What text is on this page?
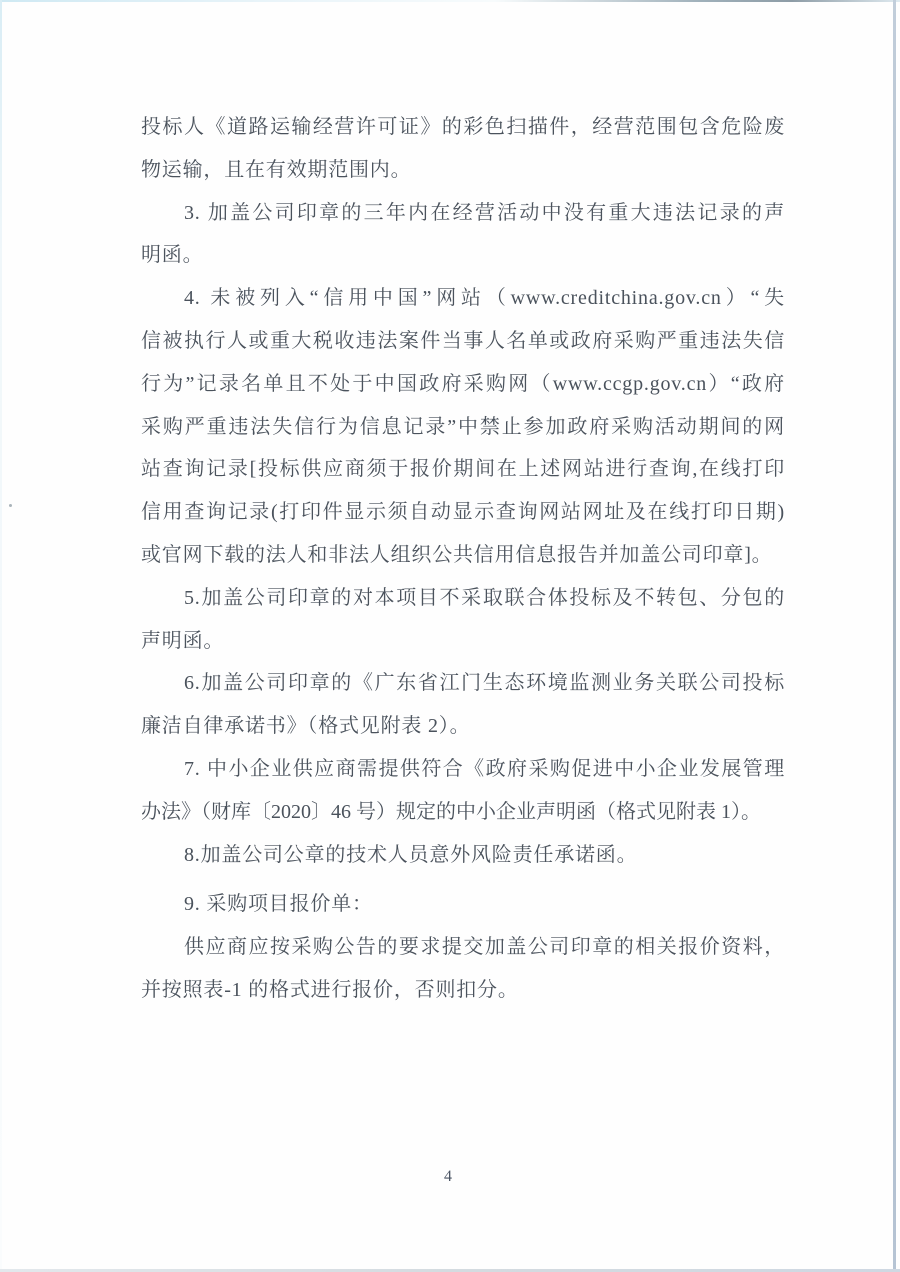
投标人《道路运输经营许可证》的彩色扫描件，经营范围包含危险废
物运输，且在有效期范围内。
3. 加盖公司印章的三年内在经营活动中没有重大违法记录的声
明函。
4. 未被列入“信用中国”网站（www.creditchina.gov.cn）“失
信被执行人或重大税收违法案件当事人名单或政府采购严重违法失信
行为”记录名单且不处于中国政府采购网（www.ccgp.gov.cn）“政府
采购严重违法失信行为信息记录”中禁止参加政府采购活动期间的网
站查询记录[投标供应商须于报价期间在上述网站进行查询,在线打印
信用查询记录(打印件显示须自动显示查询网站网址及在线打印日期)
或官网下载的法人和非法人组织公共信用信息报告并加盖公司印章]。
5.加盖公司印章的对本项目不采取联合体投标及不转包、分包的
声明函。
6.加盖公司印章的《广东省江门生态环境监测业务关联公司投标
廉洁自律承诺书》（格式见附表 2）。
7. 中小企业供应商需提供符合《政府采购促进中小企业发展管理
办法》（财库〔2020〕46 号）规定的中小企业声明函（格式见附表 1）。
8.加盖公司公章的技术人员意外风险责任承诺函。
9. 采购项目报价单：
供应商应按采购公告的要求提交加盖公司印章的相关报价资料，
并按照表-1 的格式进行报价，否则扣分。
4
